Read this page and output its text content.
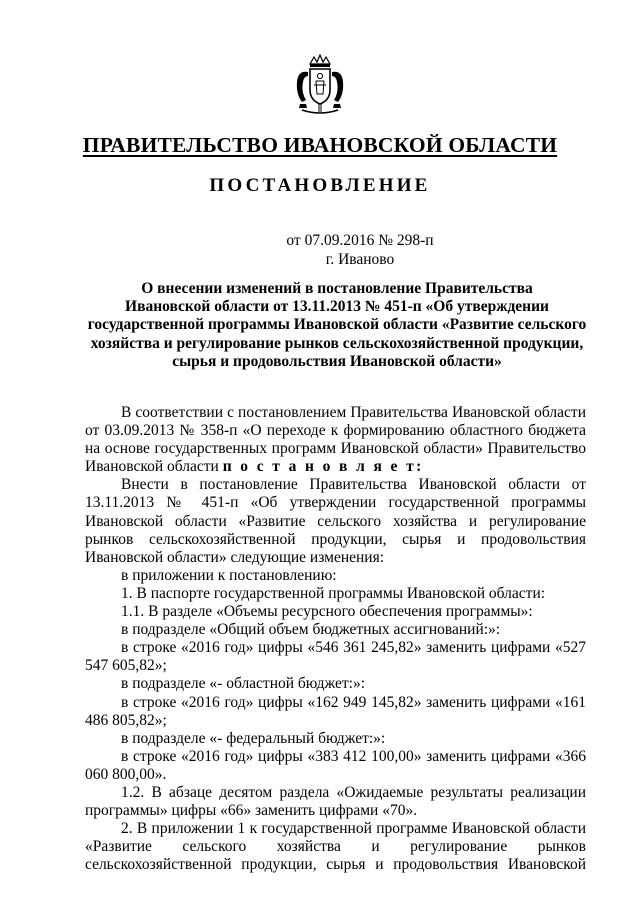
ПРАВИТЕЛЬСТВО ИВАНОВСКОЙ ОБЛАСТИ
ПОСТАНОВЛЕНИЕ
от 07.09.2016 № 298-п
г. Иваново
О внесении изменений в постановление Правительства
Ивановской области от 13.11.2013 № 451-п «Об утверждении
государственной программы Ивановской области «Развитие сельского
хозяйства и регулирование рынков сельскохозяйственной продукции,
сырья и продовольствия Ивановской области»

В соответствии с постановлением Правительства Ивановской области от 03.09.2013 № 358-п «О переходе к формированию областного бюджета на основе государственных программ Ивановской области» Правительство Ивановской области п о с т а н о в л я е т:

Внести в постановление Правительства Ивановской области от 13.11.2013 № 451-п «Об утверждении государственной программы Ивановской области «Развитие сельского хозяйства и регулирование рынков сельскохозяйственной продукции, сырья и продовольствия Ивановской области» следующие изменения:

в приложении к постановлению:

1. В паспорте государственной программы Ивановской области:

1.1. В разделе «Объемы ресурсного обеспечения программы»:

в подразделе «Общий объем бюджетных ассигнований:»:

в строке «2016 год» цифры «546 361 245,82» заменить цифрами «527 547 605,82»;

в подразделе «- областной бюджет:»:

в строке «2016 год» цифры «162 949 145,82» заменить цифрами «161 486 805,82»;

в подразделе «- федеральный бюджет:»:

в строке «2016 год» цифры «383 412 100,00» заменить цифрами «366 060 800,00».

1.2. В абзаце десятом раздела «Ожидаемые результаты реализации программы» цифры «66» заменить цифрами «70».

2. В приложении 1 к государственной программе Ивановской области «Развитие сельского хозяйства и регулирование рынков сельскохозяйственной продукции, сырья и продовольствия Ивановской
